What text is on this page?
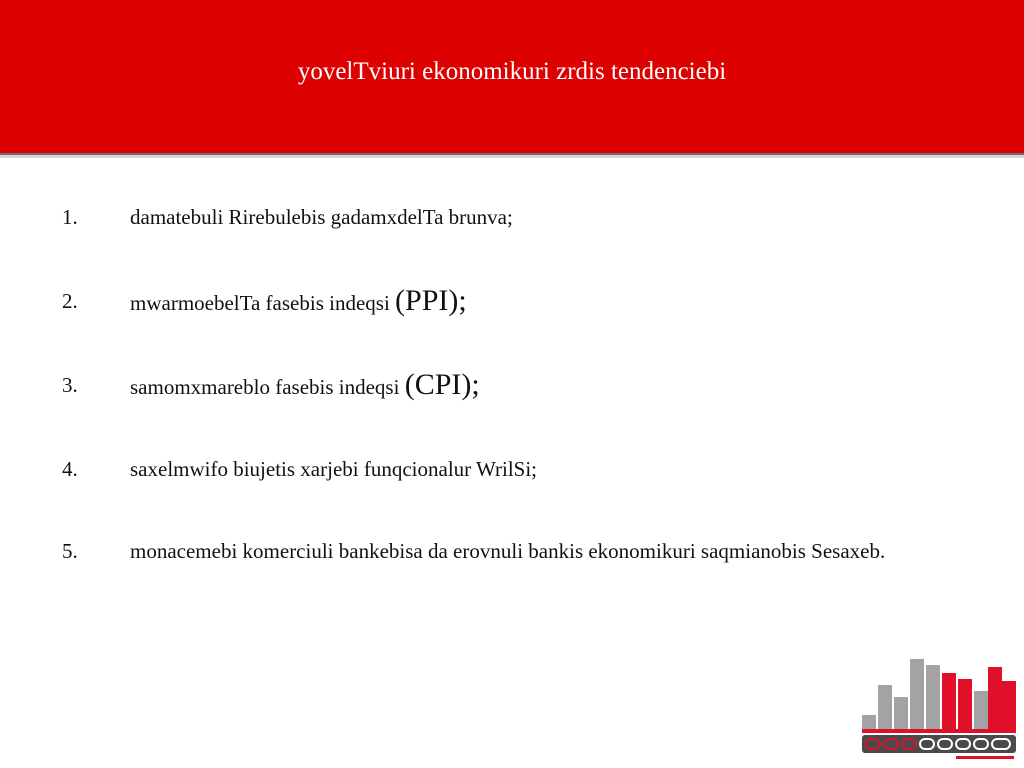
yovelTviuri ekonomikuri zrdis tendenciebi
1. damatebuli Rirebulebis gadamxdelTa brunva;
2. mwarmoebelTa fasebis indeqsi (PPI);
3. samomxmareblo fasebis indeqsi (CPI);
4. saxelmwifo biujetis xarjebi funqcionalur WrilSi;
5. monacemebi komerciuli bankebisa da erovnuli bankis ekonomikuri saqmianobis Sesaxeb.
